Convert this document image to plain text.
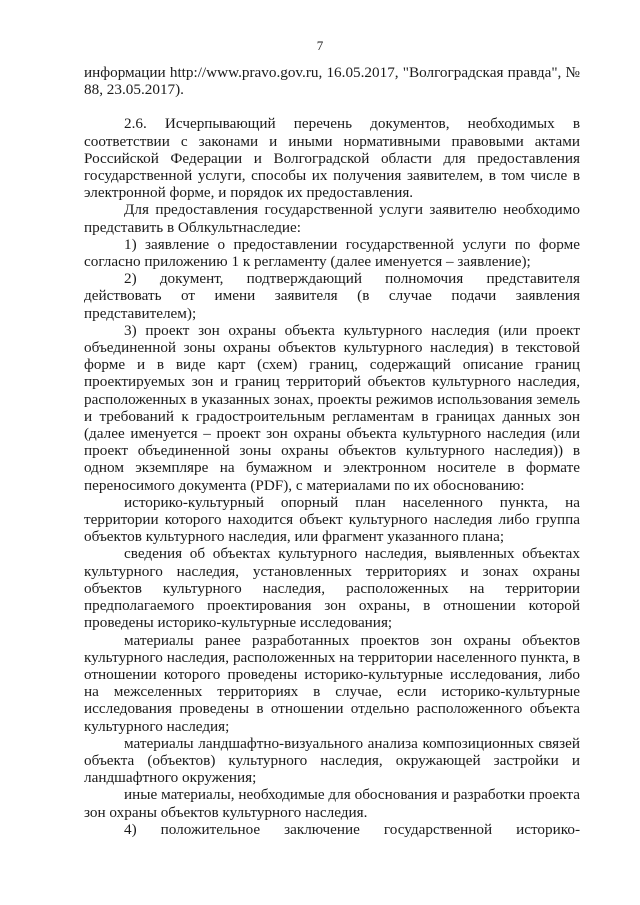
7

информации http://www.pravo.gov.ru, 16.05.2017, "Волгоградская правда", № 88, 23.05.2017).

2.6. Исчерпывающий перечень документов, необходимых в соответствии с законами и иными нормативными правовыми актами Российской Федерации и Волгоградской области для предоставления государственной услуги, способы их получения заявителем, в том числе в электронной форме, и порядок их предоставления.

Для предоставления государственной услуги заявителю необходимо представить в Облкультнаследие:

1) заявление о предоставлении государственной услуги по форме согласно приложению 1 к регламенту (далее именуется – заявление);

2) документ, подтверждающий полномочия представителя действовать от имени заявителя (в случае подачи заявления представителем);

3) проект зон охраны объекта культурного наследия (или проект объединенной зоны охраны объектов культурного наследия) в текстовой форме и в виде карт (схем) границ, содержащий описание границ проектируемых зон и границ территорий объектов культурного наследия, расположенных в указанных зонах, проекты режимов использования земель и требований к градостроительным регламентам в границах данных зон (далее именуется – проект зон охраны объекта культурного наследия (или проект объединенной зоны охраны объектов культурного наследия)) в одном экземпляре на бумажном и электронном носителе в формате переносимого документа (PDF), с материалами по их обоснованию:

историко-культурный опорный план населенного пункта, на территории которого находится объект культурного наследия либо группа объектов культурного наследия, или фрагмент указанного плана;

сведения об объектах культурного наследия, выявленных объектах культурного наследия, установленных территориях и зонах охраны объектов культурного наследия, расположенных на территории предполагаемого проектирования зон охраны, в отношении которой проведены историко-культурные исследования;

материалы ранее разработанных проектов зон охраны объектов культурного наследия, расположенных на территории населенного пункта, в отношении которого проведены историко-культурные исследования, либо на межселенных территориях в случае, если историко-культурные исследования проведены в отношении отдельно расположенного объекта культурного наследия;

материалы ландшафтно-визуального анализа композиционных связей объекта (объектов) культурного наследия, окружающей застройки и ландшафтного окружения;

иные материалы, необходимые для обоснования и разработки проекта зон охраны объектов культурного наследия.

4) положительное заключение государственной историко-
